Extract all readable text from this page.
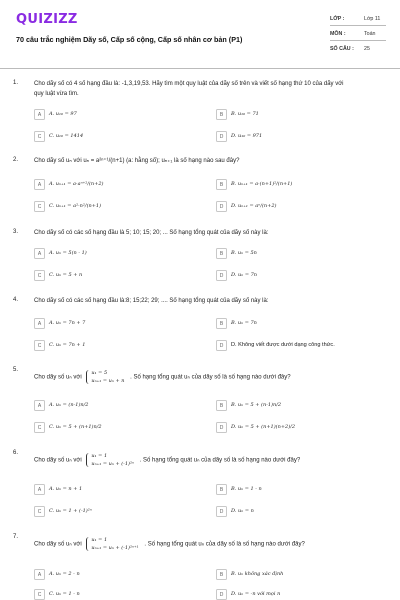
QUIZIZZ
70 câu trắc nghiệm Dãy số, Cấp số cộng, Cấp số nhân cơ bản (P1)
LỚP :	Lớp 11
MÔN :	Toán
SỐ CÂU : 25
1.	Cho dãy số có 4 số hạng đầu là: -1,3,19,53. Hãy tìm một quy luật của dãy số trên và viết số hạng thứ 10 của dãy với
quy luật vừa tìm.
A	A. u₁₀ = 97	B	B. u₁₀ = 71
C	C. u₁₀ = 1414	D	D. u₁₀ = 971
2.	Cho dãy số uₙ với uₙ = a²ⁿ⁺¹/(n+1) (a: hằng số); uₙ₊₁ là số hạng nào sau đây?
A	A. uₙ₊₁ = a·aⁿ⁺²/(n+2)	B	B. uₙ₊₁ = a·(n+1)²/(n+1)
C	C. uₙ₊₁ = a²·n²/(n+1)	D	D. uₙ₊₁ = aⁿ/(n+2)
3.	Cho dãy số có các số hạng đầu là 5; 10; 15; 20; ... Số hạng tổng quát của dãy số này là:
A	A. uₙ = 5(n - 1)	B	B. uₙ = 5n
C	C. uₙ = 5 + n	D	D. uₙ = 7n
4.	Cho dãy số có các số hạng đầu là:8; 15;22; 29; .... Số hạng tổng quát của dãy số này là:
A	A. uₙ = 7n + 7	B	B. uₙ = 7n
C	C. uₙ = 7n + 1	D	D. Không viết được dưới dạng công thức.
5.
Cho dãy số uₙ với
u₁ = 5
uₙ₊₁ = uₙ + n
. Số hạng tổng quát uₙ của dãy số là số hạng nào dưới đây?
A	A. uₙ = (n-1)n/2	B	B. uₙ = 5 + (n-1)n/2
C	C. uₙ = 5 + (n+1)n/2	D	D. uₙ = 5 + (n+1)(n+2)/2
6.
Cho dãy số uₙ với
u₁ = 1
uₙ₊₁ = uₙ + (-1)²ⁿ
. Số hạng tổng quát uₙ của dãy số là số hạng nào dưới đây?
A	A. uₙ = n + 1	B	B. uₙ = 1 - n
C	C. uₙ = 1 + (-1)²ⁿ	D	D. uₙ = n
7.
Cho dãy số uₙ với
u₁ = 1
uₙ₊₁ = uₙ + (-1)²ⁿ⁺¹
. Số hạng tổng quát uₙ của dãy số là số hạng nào dưới đây?
A	A. uₙ = 2 - n	B	B. uₙ không xác định
C	C. uₙ = 1 - n	D	D. uₙ = -n với mọi n
